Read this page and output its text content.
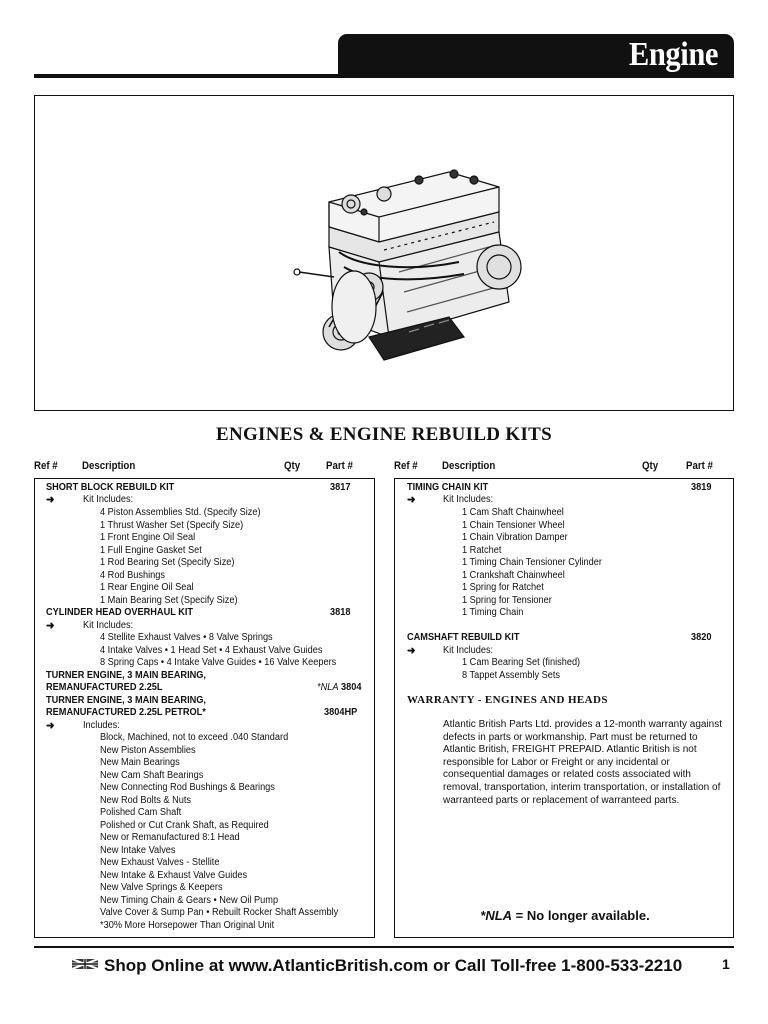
Engine
ENGINES & ENGINE REBUILD KITS
Ref # Description	Qty Part #	Ref # Description	Qty	Part #
SHORT BLOCK REBUILD KIT	3817
➜	Kit Includes:
4 Piston Assemblies Std. (Specify Size)
1 Thrust Washer Set (Specify Size)
1 Front Engine Oil Seal
1 Full Engine Gasket Set
1 Rod Bearing Set (Specify Size)
4 Rod Bushings
1 Rear Engine Oil Seal
1 Main Bearing Set (Specify Size)
CYLINDER HEAD OVERHAUL KIT	3818
➜	Kit Includes:
4 Stellite Exhaust Valves • 8 Valve Springs
4 Intake Valves • 1 Head Set • 4 Exhaust Valve Guides
8 Spring Caps • 4 Intake Valve Guides • 16 Valve Keepers
TURNER ENGINE, 3 MAIN BEARING,
REMANUFACTURED 2.25L	*NLA 3804
TURNER ENGINE, 3 MAIN BEARING,
REMANUFACTURED 2.25L PETROL*	3804HP
➜	Includes:
Block, Machined, not to exceed .040 Standard
New Piston Assemblies
New Main Bearings
New Cam Shaft Bearings
New Connecting Rod Bushings & Bearings
New Rod Bolts & Nuts
Polished Cam Shaft
Polished or Cut Crank Shaft, as Required
New or Remanufactured 8:1 Head
New Intake Valves
New Exhaust Valves - Stellite
New Intake & Exhaust Valve Guides
New Valve Springs & Keepers
New Timing Chain & Gears • New Oil Pump
Valve Cover & Sump Pan • Rebuilt Rocker Shaft Assembly
*30% More Horsepower Than Original Unit
TIMING CHAIN KIT	3819
➜	Kit Includes:
1 Cam Shaft Chainwheel
1 Chain Tensioner Wheel
1 Chain Vibration Damper
1 Ratchet
1 Timing Chain Tensioner Cylinder
1 Crankshaft Chainwheel
1 Spring for Ratchet
1 Spring for Tensioner
1 Timing Chain
CAMSHAFT REBUILD KIT	3820
➜	Kit Includes:
1 Cam Bearing Set (finished)
8 Tappet Assembly Sets
WARRANTY - ENGINES AND HEADS
Atlantic British Parts Ltd. provides a 12-month warranty against defects in parts or workmanship. Part must be returned to Atlantic British, FREIGHT PREPAID. Atlantic British is not responsible for Labor or Freight or any incidental or consequential damages or related costs associated with removal, transportation, interim transportation, or installation of warranteed parts or replacement of warranteed parts.
*NLA = No longer available.
Shop Online at www.AtlanticBritish.com or Call Toll-free 1-800-533-2210	1
